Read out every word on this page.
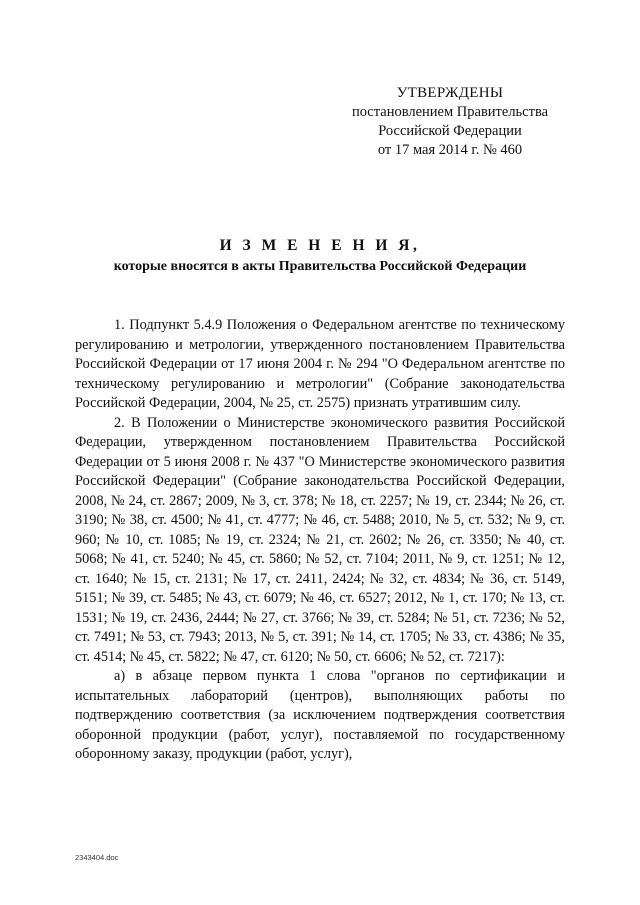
УТВЕРЖДЕНЫ
постановлением Правительства
Российской Федерации
от 17 мая 2014 г. № 460
И З М Е Н Е Н И Я,
которые вносятся в акты Правительства Российской Федерации

1. Подпункт 5.4.9 Положения о Федеральном агентстве по техническому регулированию и метрологии, утвержденного постановлением Правительства Российской Федерации от 17 июня 2004 г. № 294 "О Федеральном агентстве по техническому регулированию и метрологии" (Собрание законодательства Российской Федерации, 2004, № 25, ст. 2575) признать утратившим силу.

2. В Положении о Министерстве экономического развития Российской Федерации, утвержденном постановлением Правительства Российской Федерации от 5 июня 2008 г. № 437 "О Министерстве экономического развития Российской Федерации" (Собрание законодательства Российской Федерации, 2008, № 24, ст. 2867; 2009, № 3, ст. 378; № 18, ст. 2257; № 19, ст. 2344; № 26, ст. 3190; № 38, ст. 4500; № 41, ст. 4777; № 46, ст. 5488; 2010, № 5, ст. 532; № 9, ст. 960; № 10, ст. 1085; № 19, ст. 2324; № 21, ст. 2602; № 26, ст. 3350; № 40, ст. 5068; № 41, ст. 5240; № 45, ст. 5860; № 52, ст. 7104; 2011, № 9, ст. 1251; № 12, ст. 1640; № 15, ст. 2131; № 17, ст. 2411, 2424; № 32, ст. 4834; № 36, ст. 5149, 5151; № 39, ст. 5485; № 43, ст. 6079; № 46, ст. 6527; 2012, № 1, ст. 170; № 13, ст. 1531; № 19, ст. 2436, 2444; № 27, ст. 3766; № 39, ст. 5284; № 51, ст. 7236; № 52, ст. 7491; № 53, ст. 7943; 2013, № 5, ст. 391; № 14, ст. 1705; № 33, ст. 4386; № 35, ст. 4514; № 45, ст. 5822; № 47, ст. 6120; № 50, ст. 6606; № 52, ст. 7217):

а) в абзаце первом пункта 1 слова "органов по сертификации и испытательных лабораторий (центров), выполняющих работы по подтверждению соответствия (за исключением подтверждения соответствия оборонной продукции (работ, услуг), поставляемой по государственному оборонному заказу, продукции (работ, услуг),

2343404.doc
